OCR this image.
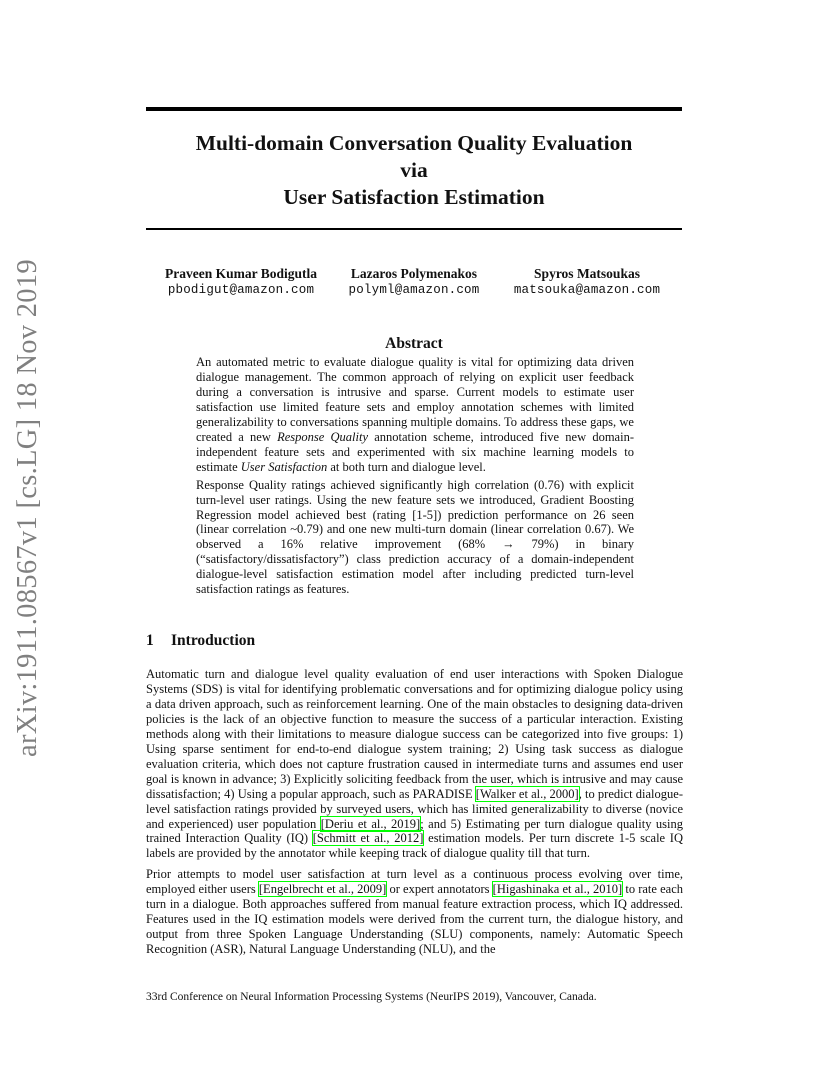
arXiv:1911.08567v1 [cs.LG] 18 Nov 2019
Multi-domain Conversation Quality Evaluation
via
User Satisfaction Estimation
Praveen Kumar Bodigutla
pbodigut@amazon.com
Lazaros Polymenakos
polyml@amazon.com
Spyros Matsoukas
matsouka@amazon.com
Abstract

An automated metric to evaluate dialogue quality is vital for optimizing data driven dialogue management. The common approach of relying on explicit user feedback during a conversation is intrusive and sparse. Current models to estimate user satisfaction use limited feature sets and employ annotation schemes with limited generalizability to conversations spanning multiple domains. To address these gaps, we created a new Response Quality annotation scheme, introduced five new domain-independent feature sets and experimented with six machine learning models to estimate User Satisfaction at both turn and dialogue level.

Response Quality ratings achieved significantly high correlation (0.76) with explicit turn-level user ratings. Using the new feature sets we introduced, Gradient Boosting Regression model achieved best (rating [1-5]) prediction performance on 26 seen (linear correlation ~0.79) and one new multi-turn domain (linear correlation 0.67). We observed a 16% relative improvement (68% → 79%) in binary (“satisfactory/dissatisfactory”) class prediction accuracy of a domain-independent dialogue-level satisfaction estimation model after including predicted turn-level satisfaction ratings as features.

1 Introduction

Automatic turn and dialogue level quality evaluation of end user interactions with Spoken Dialogue Systems (SDS) is vital for identifying problematic conversations and for optimizing dialogue policy using a data driven approach, such as reinforcement learning. One of the main obstacles to designing data-driven policies is the lack of an objective function to measure the success of a particular interaction. Existing methods along with their limitations to measure dialogue success can be categorized into five groups: 1) Using sparse sentiment for end-to-end dialogue system training; 2) Using task success as dialogue evaluation criteria, which does not capture frustration caused in intermediate turns and assumes end user goal is known in advance; 3) Explicitly soliciting feedback from the user, which is intrusive and may cause dissatisfaction; 4) Using a popular approach, such as PARADISE [Walker et al., 2000], to predict dialogue-level satisfaction ratings provided by surveyed users, which has limited generalizability to diverse (novice and experienced) user population [Deriu et al., 2019]; and 5) Estimating per turn dialogue quality using trained Interaction Quality (IQ) [Schmitt et al., 2012] estimation models. Per turn discrete 1-5 scale IQ labels are provided by the annotator while keeping track of dialogue quality till that turn.

Prior attempts to model user satisfaction at turn level as a continuous process evolving over time, employed either users [Engelbrecht et al., 2009] or expert annotators [Higashinaka et al., 2010] to rate each turn in a dialogue. Both approaches suffered from manual feature extraction process, which IQ addressed. Features used in the IQ estimation models were derived from the current turn, the dialogue history, and output from three Spoken Language Understanding (SLU) components, namely: Automatic Speech Recognition (ASR), Natural Language Understanding (NLU), and the

33rd Conference on Neural Information Processing Systems (NeurIPS 2019), Vancouver, Canada.
